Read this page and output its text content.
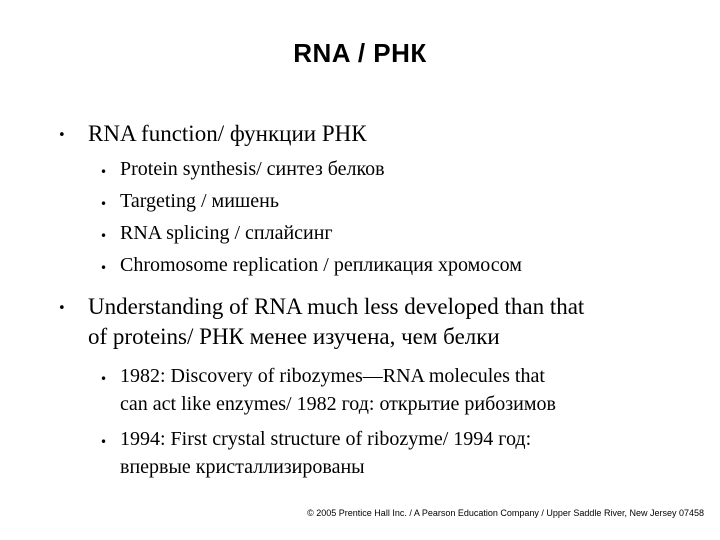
RNA / РНК
• RNA function/ функции РНК
• Protein synthesis/ синтез белков
• Targeting / мишень
• RNA splicing / сплайсинг
• Chromosome replication / репликация хромосом
• Understanding of RNA much less developed than that
of proteins/ РНК менее изучена, чем белки
• 1982: Discovery of ribozymes—RNA molecules that
can act like enzymes/ 1982 год: открытие рибозимов
• 1994: First crystal structure of ribozyme/ 1994 год:
впервые кристаллизированы
© 2005 Prentice Hall Inc. / A Pearson Education Company / Upper Saddle River, New Jersey 07458
